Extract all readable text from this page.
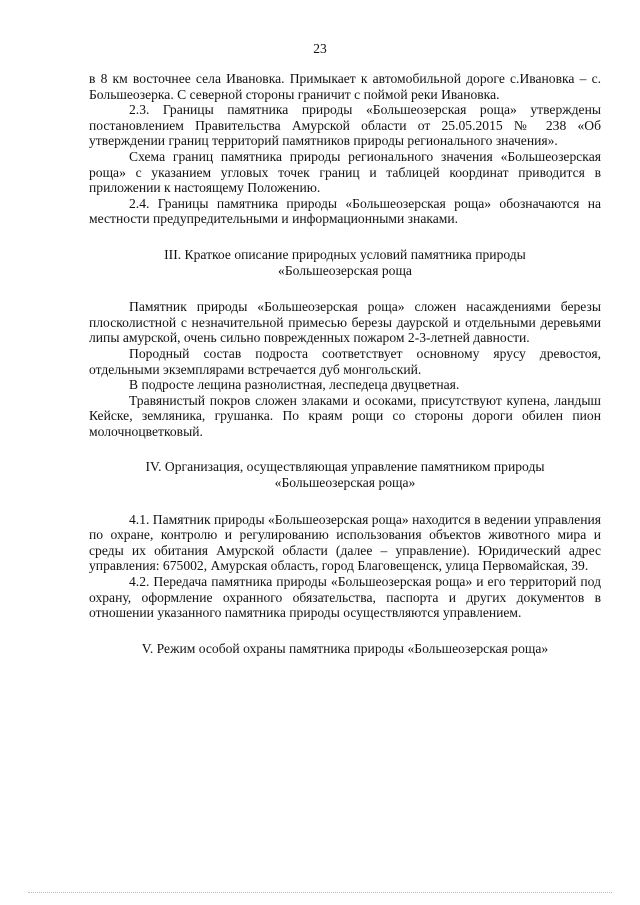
23

в 8 км восточнее села Ивановка. Примыкает к автомобильной дороге с.Ивановка – с. Большеозерка. С северной стороны граничит с поймой реки Ивановка.

2.3. Границы памятника природы «Большеозерская роща» утверждены постановлением Правительства Амурской области от 25.05.2015 № 238 «Об утверждении границ территорий памятников природы регионального значения».

Схема границ памятника природы регионального значения «Большеозерская роща» с указанием угловых точек границ и таблицей координат приводится в приложении к настоящему Положению.

2.4. Границы памятника природы «Большеозерская роща» обозначаются на местности предупредительными и информационными знаками.

III. Краткое описание природных условий памятника природы
«Большеозерская роща

Памятник природы «Большеозерская роща» сложен насаждениями березы плосколистной с незначительной примесью березы даурской и отдельными деревьями липы амурской, очень сильно поврежденных пожаром 2-3-летней давности.

Породный состав подроста соответствует основному ярусу древостоя, отдельными экземплярами встречается дуб монгольский.

В подросте лещина разнолистная, леспедеца двуцветная.

Травянистый покров сложен злаками и осоками, присутствуют купена, ландыш Кейске, земляника, грушанка. По краям рощи со стороны дороги обилен пион молочноцветковый.

IV. Организация, осуществляющая управление памятником природы
«Большеозерская роща»

4.1. Памятник природы «Большеозерская роща» находится в ведении управления по охране, контролю и регулированию использования объектов животного мира и среды их обитания Амурской области (далее – управление). Юридический адрес управления: 675002, Амурская область, город Благовещенск, улица Первомайская, 39.

4.2. Передача памятника природы «Большеозерская роща» и его территорий под охрану, оформление охранного обязательства, паспорта и других документов в отношении указанного памятника природы осуществляются управлением.

V. Режим особой охраны памятника природы «Большеозерская роща»
